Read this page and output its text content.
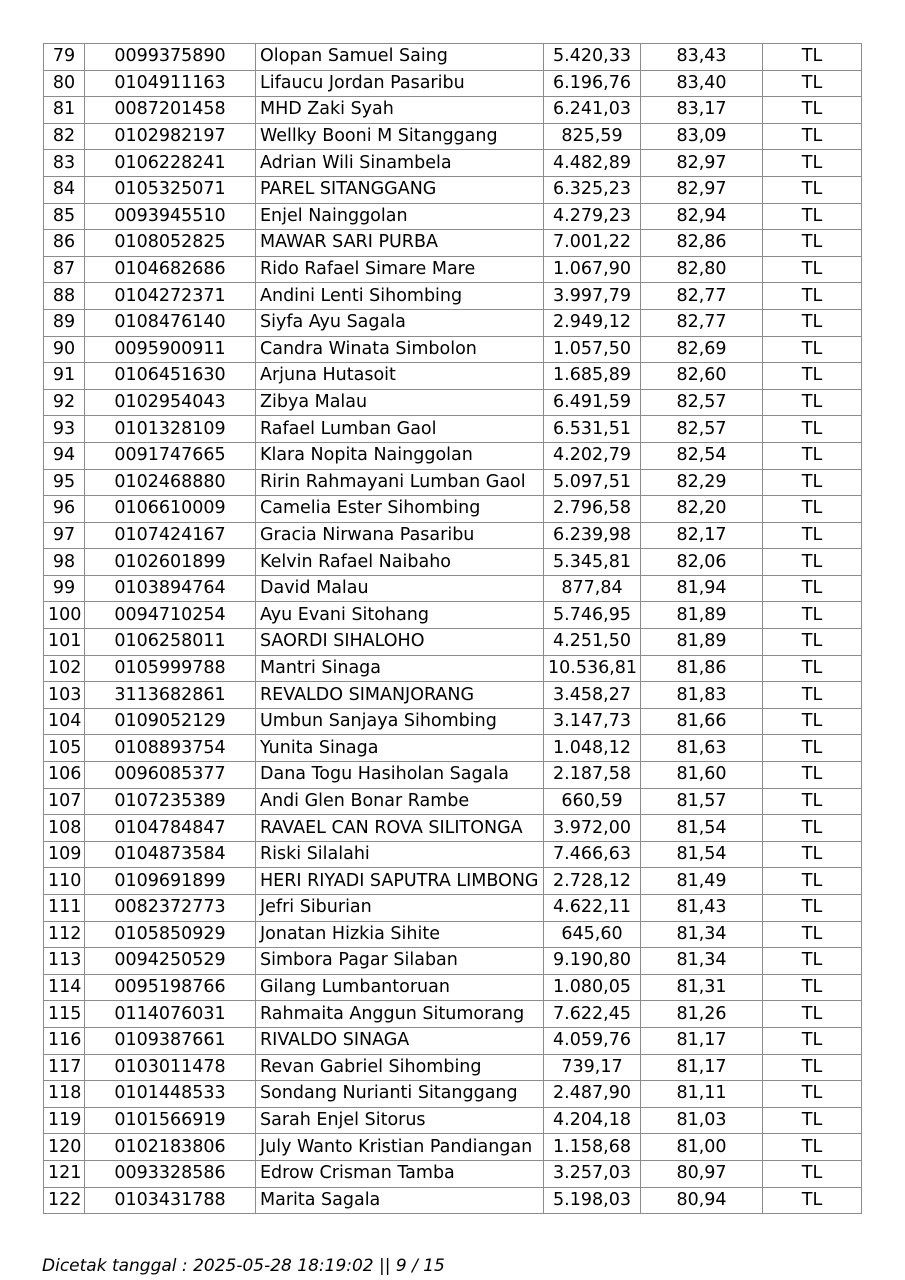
79	0099375890	Olopan Samuel Saing	5.420,33	83,43	TL
80	0104911163	Lifaucu Jordan Pasaribu	6.196,76	83,40	TL
81	0087201458	MHD Zaki Syah	6.241,03	83,17	TL
82	0102982197	Wellky Booni M Sitanggang	825,59	83,09	TL
83	0106228241	Adrian Wili Sinambela	4.482,89	82,97	TL
84	0105325071	PAREL SITANGGANG	6.325,23	82,97	TL
85	0093945510	Enjel Nainggolan	4.279,23	82,94	TL
86	0108052825	MAWAR SARI PURBA	7.001,22	82,86	TL
87	0104682686	Rido Rafael Simare Mare	1.067,90	82,80	TL
88	0104272371	Andini Lenti Sihombing	3.997,79	82,77	TL
89	0108476140	Siyfa Ayu Sagala	2.949,12	82,77	TL
90	0095900911	Candra Winata Simbolon	1.057,50	82,69	TL
91	0106451630	Arjuna Hutasoit	1.685,89	82,60	TL
92	0102954043	Zibya Malau	6.491,59	82,57	TL
93	0101328109	Rafael Lumban Gaol	6.531,51	82,57	TL
94	0091747665	Klara Nopita Nainggolan	4.202,79	82,54	TL
95	0102468880	Ririn Rahmayani Lumban Gaol	5.097,51	82,29	TL
96	0106610009	Camelia Ester Sihombing	2.796,58	82,20	TL
97	0107424167	Gracia Nirwana Pasaribu	6.239,98	82,17	TL
98	0102601899	Kelvin Rafael Naibaho	5.345,81	82,06	TL
99	0103894764	David Malau	877,84	81,94	TL
100	0094710254	Ayu Evani Sitohang	5.746,95	81,89	TL
101	0106258011	SAORDI SIHALOHO	4.251,50	81,89	TL
102	0105999788	Mantri Sinaga	10.536,81	81,86	TL
103	3113682861	REVALDO SIMANJORANG	3.458,27	81,83	TL
104	0109052129	Umbun Sanjaya Sihombing	3.147,73	81,66	TL
105	0108893754	Yunita Sinaga	1.048,12	81,63	TL
106	0096085377	Dana Togu Hasiholan Sagala	2.187,58	81,60	TL
107	0107235389	Andi Glen Bonar Rambe	660,59	81,57	TL
108	0104784847	RAVAEL CAN ROVA SILITONGA	3.972,00	81,54	TL
109	0104873584	Riski Silalahi	7.466,63	81,54	TL
110	0109691899	HERI RIYADI SAPUTRA LIMBONG	2.728,12	81,49	TL
111	0082372773	Jefri Siburian	4.622,11	81,43	TL
112	0105850929	Jonatan Hizkia Sihite	645,60	81,34	TL
113	0094250529	Simbora Pagar Silaban	9.190,80	81,34	TL
114	0095198766	Gilang Lumbantoruan	1.080,05	81,31	TL
115	0114076031	Rahmaita Anggun Situmorang	7.622,45	81,26	TL
116	0109387661	RIVALDO SINAGA	4.059,76	81,17	TL
117	0103011478	Revan Gabriel Sihombing	739,17	81,17	TL
118	0101448533	Sondang Nurianti Sitanggang	2.487,90	81,11	TL
119	0101566919	Sarah Enjel Sitorus	4.204,18	81,03	TL
120	0102183806	July Wanto Kristian Pandiangan	1.158,68	81,00	TL
121	0093328586	Edrow Crisman Tamba	3.257,03	80,97	TL
122	0103431788	Marita Sagala	5.198,03	80,94	TL
Dicetak tanggal : 2025-05-28 18:19:02 || 9 / 15
